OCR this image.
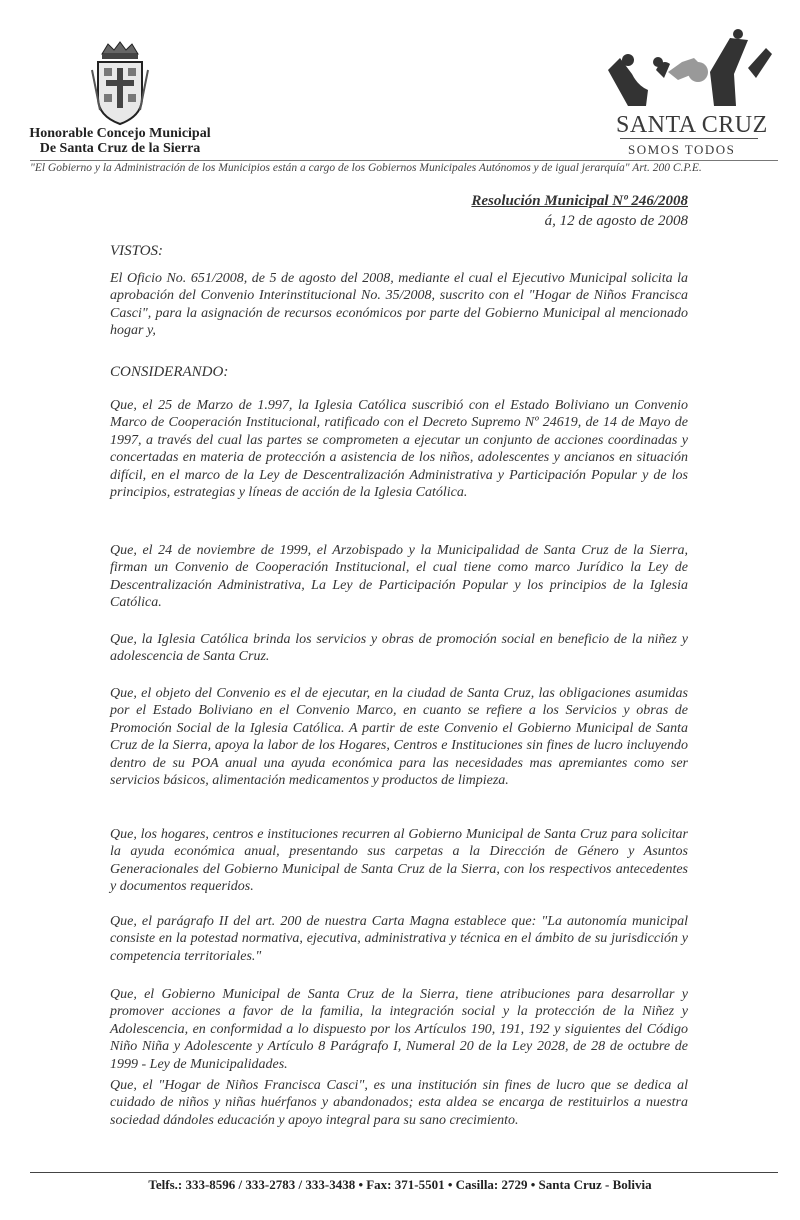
Honorable Concejo Municipal
De Santa Cruz de la Sierra
SANTA CRUZ
SOMOS TODOS
"El Gobierno y la Administración de los Municipios están a cargo de los Gobiernos Municipales Autónomos y de igual jerarquía" Art. 200 C.P.E.
Resolución Municipal Nº 246/2008
á, 12 de agosto de 2008
VISTOS:

El Oficio No. 651/2008, de 5 de agosto del 2008, mediante el cual el Ejecutivo Municipal solicita la aprobación del Convenio Interinstitucional No. 35/2008, suscrito con el "Hogar de Niños Francisca Casci", para la asignación de recursos económicos por parte del Gobierno Municipal al mencionado hogar y,

CONSIDERANDO:

Que, el 25 de Marzo de 1.997, la Iglesia Católica suscribió con el Estado Boliviano un Convenio Marco de Cooperación Institucional, ratificado con el Decreto Supremo Nº 24619, de 14 de Mayo de 1997, a través del cual las partes se comprometen a ejecutar un conjunto de acciones coordinadas y concertadas en materia de protección a asistencia de los niños, adolescentes y ancianos en situación difícil, en el marco de la Ley de Descentralización Administrativa y Participación Popular y de los principios, estrategias y líneas de acción de la Iglesia Católica.

Que, el 24 de noviembre de 1999, el Arzobispado y la Municipalidad de Santa Cruz de la Sierra, firman un Convenio de Cooperación Institucional, el cual tiene como marco Jurídico la Ley de Descentralización Administrativa, La Ley de Participación Popular y los principios de la Iglesia Católica.

Que, la Iglesia Católica brinda los servicios y obras de promoción social en beneficio de la niñez y adolescencia de Santa Cruz.

Que, el objeto del Convenio es el de ejecutar, en la ciudad de Santa Cruz, las obligaciones asumidas por el Estado Boliviano en el Convenio Marco, en cuanto se refiere a los Servicios y obras de Promoción Social de la Iglesia Católica. A partir de este Convenio el Gobierno Municipal de Santa Cruz de la Sierra, apoya la labor de los Hogares, Centros e Instituciones sin fines de lucro incluyendo dentro de su POA anual una ayuda económica para las necesidades mas apremiantes como ser servicios básicos, alimentación medicamentos y productos de limpieza.

Que, los hogares, centros e instituciones recurren al Gobierno Municipal de Santa Cruz para solicitar la ayuda económica anual, presentando sus carpetas a la Dirección de Género y Asuntos Generacionales del Gobierno Municipal de Santa Cruz de la Sierra, con los respectivos antecedentes y documentos requeridos.

Que, el parágrafo II del art. 200 de nuestra Carta Magna establece que: "La autonomía municipal consiste en la potestad normativa, ejecutiva, administrativa y técnica en el ámbito de su jurisdicción y competencia territoriales."

Que, el Gobierno Municipal de Santa Cruz de la Sierra, tiene atribuciones para desarrollar y promover acciones a favor de la familia, la integración social y la protección de la Niñez y Adolescencia, en conformidad a lo dispuesto por los Artículos 190, 191, 192 y siguientes del Código Niño Niña y Adolescente y Artículo 8 Parágrafo I, Numeral 20 de la Ley 2028, de 28 de octubre de 1999 - Ley de Municipalidades.

Que, el "Hogar de Niños Francisca Casci", es una institución sin fines de lucro que se dedica al cuidado de niños y niñas huérfanos y abandonados; esta aldea se encarga de restituirlos a nuestra sociedad dándoles educación y apoyo integral para su sano crecimiento.

Telfs.: 333-8596 / 333-2783 / 333-3438 • Fax: 371-5501 • Casilla: 2729 • Santa Cruz - Bolivia
